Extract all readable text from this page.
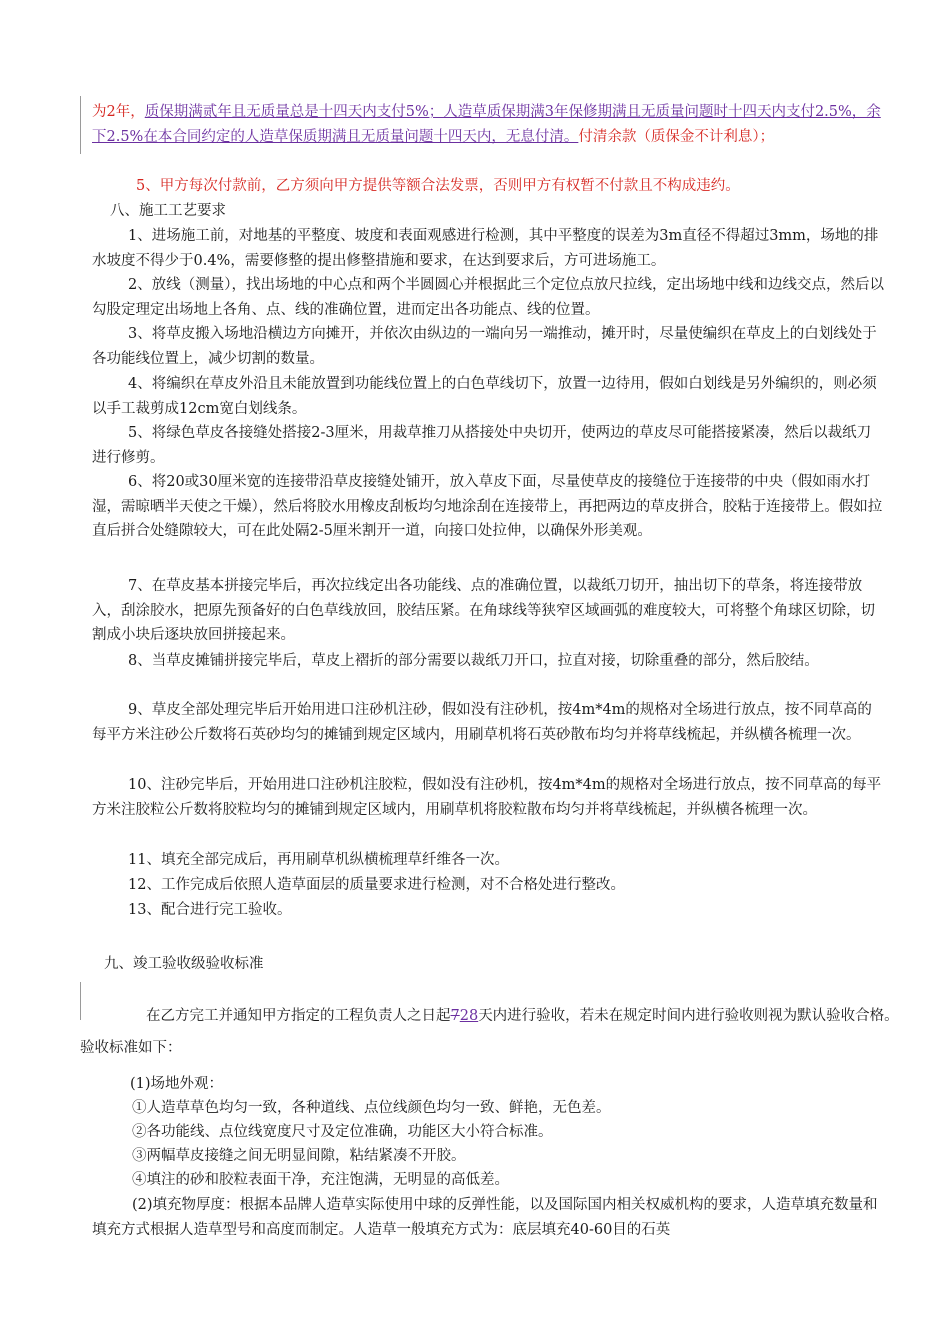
为2年，质保期满贰年且无质量总是十四天内支付5%；人造草质保期满3年保修期满且无质量问题时十四天内支付2.5%，余下2.5%在本合同约定的人造草保质期满且无质量问题十四天内，无息付清。付清余款（质保金不计利息）；

5、甲方每次付款前，乙方须向甲方提供等额合法发票，否则甲方有权暂不付款且不构成违约。

八、施工工艺要求

1、进场施工前，对地基的平整度、坡度和表面观感进行检测，其中平整度的误差为3m直径不得超过3mm，场地的排水坡度不得少于0.4%，需要修整的提出修整措施和要求，在达到要求后，方可进场施工。

2、放线（测量），找出场地的中心点和两个半圆圆心并根据此三个定位点放尺拉线，定出场地中线和边线交点，然后以勾股定理定出场地上各角、点、线的准确位置，进而定出各功能点、线的位置。

3、将草皮搬入场地沿横边方向摊开，并依次由纵边的一端向另一端推动，摊开时，尽量使编织在草皮上的白划线处于各功能线位置上，减少切割的数量。

4、将编织在草皮外沿且未能放置到功能线位置上的白色草线切下，放置一边待用，假如白划线是另外编织的，则必须以手工裁剪成12cm宽白划线条。

5、将绿色草皮各接缝处搭接2-3厘米，用裁草推刀从搭接处中央切开，使两边的草皮尽可能搭接紧凑，然后以裁纸刀进行修剪。

6、将20或30厘米宽的连接带沿草皮接缝处铺开，放入草皮下面，尽量使草皮的接缝位于连接带的中央（假如雨水打湿，需晾晒半天使之干燥），然后将胶水用橡皮刮板均匀地涂刮在连接带上，再把两边的草皮拼合，胶粘于连接带上。假如拉直后拼合处缝隙较大，可在此处隔2-5厘米割开一道，向接口处拉伸，以确保外形美观。

7、在草皮基本拼接完毕后，再次拉线定出各功能线、点的准确位置，以裁纸刀切开，抽出切下的草条，将连接带放入，刮涂胶水，把原先预备好的白色草线放回，胶结压紧。在角球线等狭窄区域画弧的难度较大，可将整个角球区切除，切割成小块后逐块放回拼接起来。

8、当草皮摊铺拼接完毕后，草皮上褶折的部分需要以裁纸刀开口，拉直对接，切除重叠的部分，然后胶结。

9、草皮全部处理完毕后开始用进口注砂机注砂，假如没有注砂机，按4m*4m的规格对全场进行放点，按不同草高的每平方米注砂公斤数将石英砂均匀的摊铺到规定区域内，用刷草机将石英砂散布均匀并将草线梳起，并纵横各梳理一次。

10、注砂完毕后，开始用进口注砂机注胶粒，假如没有注砂机，按4m*4m的规格对全场进行放点，按不同草高的每平方米注胶粒公斤数将胶粒均匀的摊铺到规定区域内，用刷草机将胶粒散布均匀并将草线梳起，并纵横各梳理一次。

11、填充全部完成后，再用刷草机纵横梳理草纤维各一次。

12、工作完成后依照人造草面层的质量要求进行检测，对不合格处进行整改。

13、配合进行完工验收。

九、竣工验收级验收标准

在乙方完工并通知甲方指定的工程负责人之日起728天内进行验收，若未在规定时间内进行验收则视为默认验收合格。验收标准如下：

(1)场地外观：

①人造草草色均匀一致，各种道线、点位线颜色均匀一致、鲜艳，无色差。

②各功能线、点位线宽度尺寸及定位准确，功能区大小符合标准。

③两幅草皮接缝之间无明显间隙，粘结紧凑不开胶。

④填注的砂和胶粒表面干净，充注饱满，无明显的高低差。

(2)填充物厚度：根据本品牌人造草实际使用中球的反弹性能，以及国际国内相关权威机构的要求，人造草填充数量和填充方式根据人造草型号和高度而制定。人造草一般填充方式为：底层填充40-60目的石英
